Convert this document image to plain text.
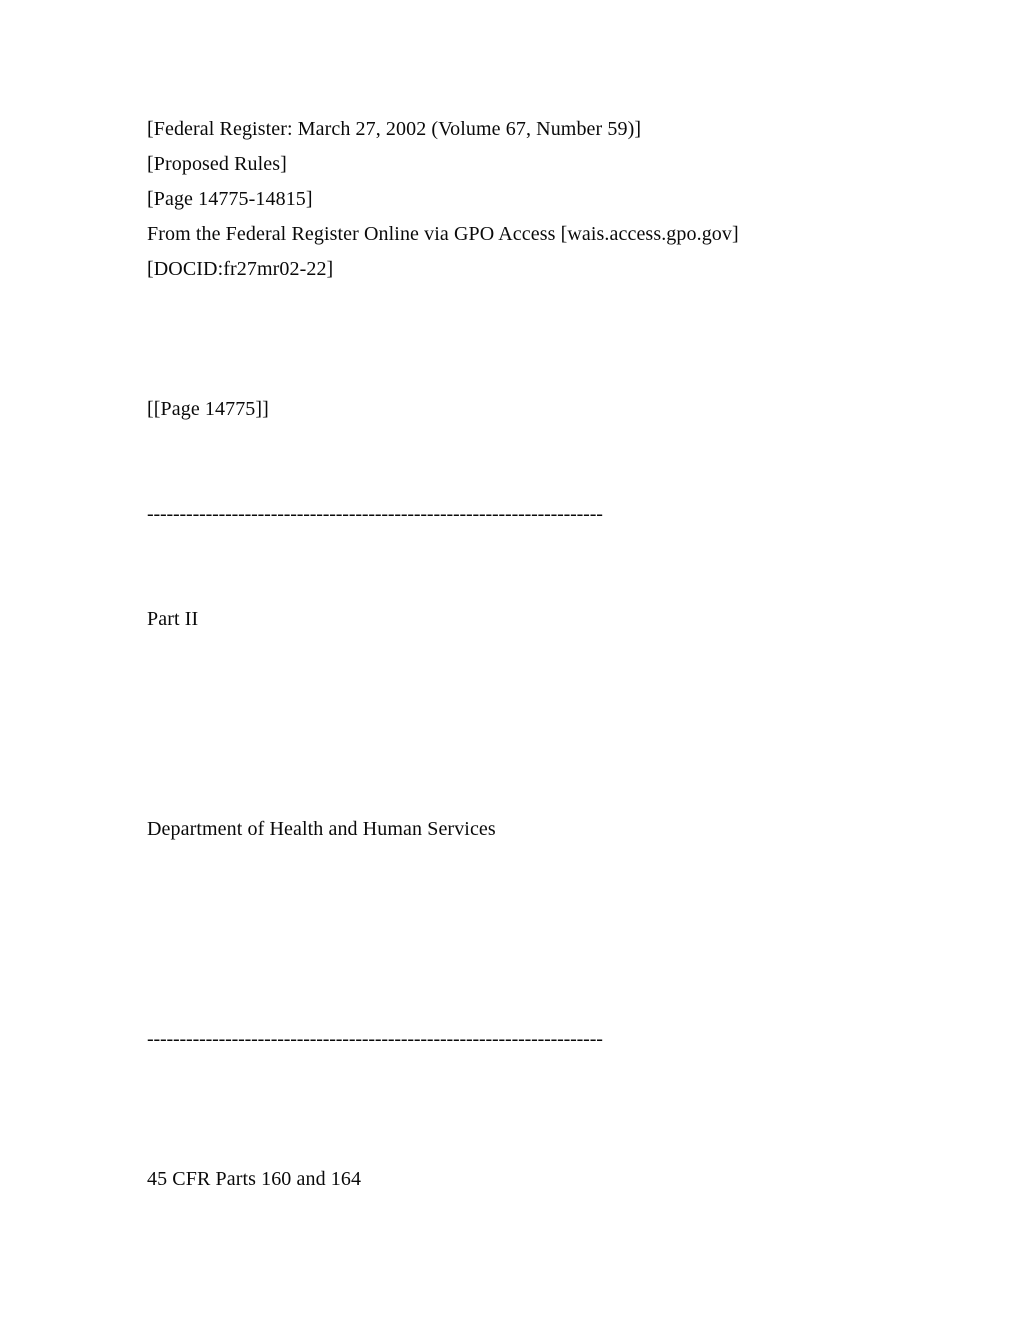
[Federal Register: March 27, 2002 (Volume 67, Number 59)]
[Proposed Rules]
[Page 14775-14815]
From the Federal Register Online via GPO Access [wais.access.gpo.gov]
[DOCID:fr27mr02-22]
[[Page 14775]]
----------------------------------------------------------------------
Part II
Department of Health and Human Services
----------------------------------------------------------------------
45 CFR Parts 160 and 164
